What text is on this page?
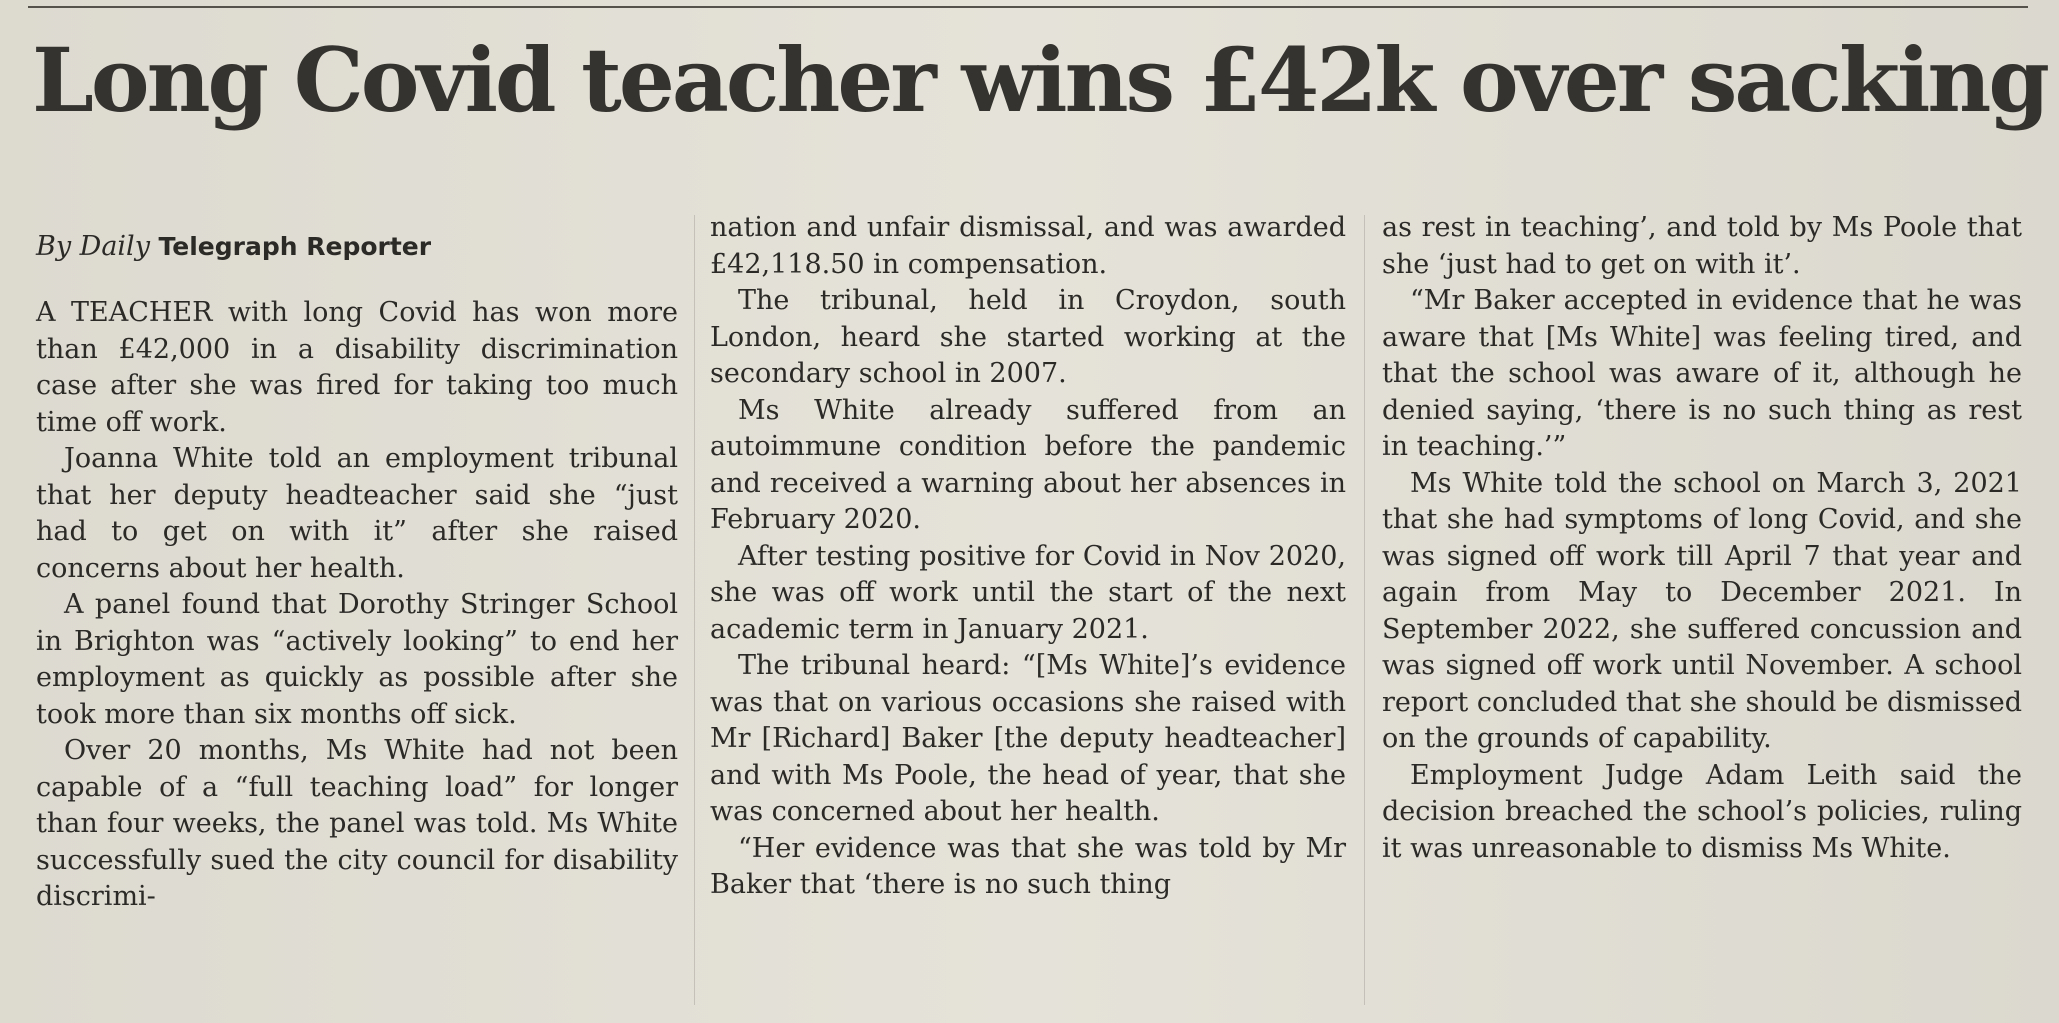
Long Covid teacher wins £42k over sacking
By Daily Telegraph Reporter

A TEACHER with long Covid has won more than £42,000 in a disability discrimination case after she was fired for taking too much time off work.

Joanna White told an employment tribunal that her deputy headteacher said she “just had to get on with it” after she raised concerns about her health.

A panel found that Dorothy Stringer School in Brighton was “actively looking” to end her employment as quickly as possible after she took more than six months off sick.

Over 20 months, Ms White had not been capable of a “full teaching load” for longer than four weeks, the panel was told. Ms White successfully sued the city council for disability discrimi-

nation and unfair dismissal, and was awarded £42,118.50 in compensation.

The tribunal, held in Croydon, south London, heard she started working at the secondary school in 2007.

Ms White already suffered from an autoimmune condition before the pandemic and received a warning about her absences in February 2020.

After testing positive for Covid in Nov 2020, she was off work until the start of the next academic term in January 2021.

The tribunal heard: “[Ms White]’s evidence was that on various occasions she raised with Mr [Richard] Baker [the deputy headteacher] and with Ms Poole, the head of year, that she was concerned about her health.

“Her evidence was that she was told by Mr Baker that ‘there is no such thing

as rest in teaching’, and told by Ms Poole that she ‘just had to get on with it’.

“Mr Baker accepted in evidence that he was aware that [Ms White] was feeling tired, and that the school was aware of it, although he denied saying, ‘there is no such thing as rest in teaching.’”

Ms White told the school on March 3, 2021 that she had symptoms of long Covid, and she was signed off work till April 7 that year and again from May to December 2021. In September 2022, she suffered concussion and was signed off work until November. A school report concluded that she should be dismissed on the grounds of capability.

Employment Judge Adam Leith said the decision breached the school’s policies, ruling it was unreasonable to dismiss Ms White.
